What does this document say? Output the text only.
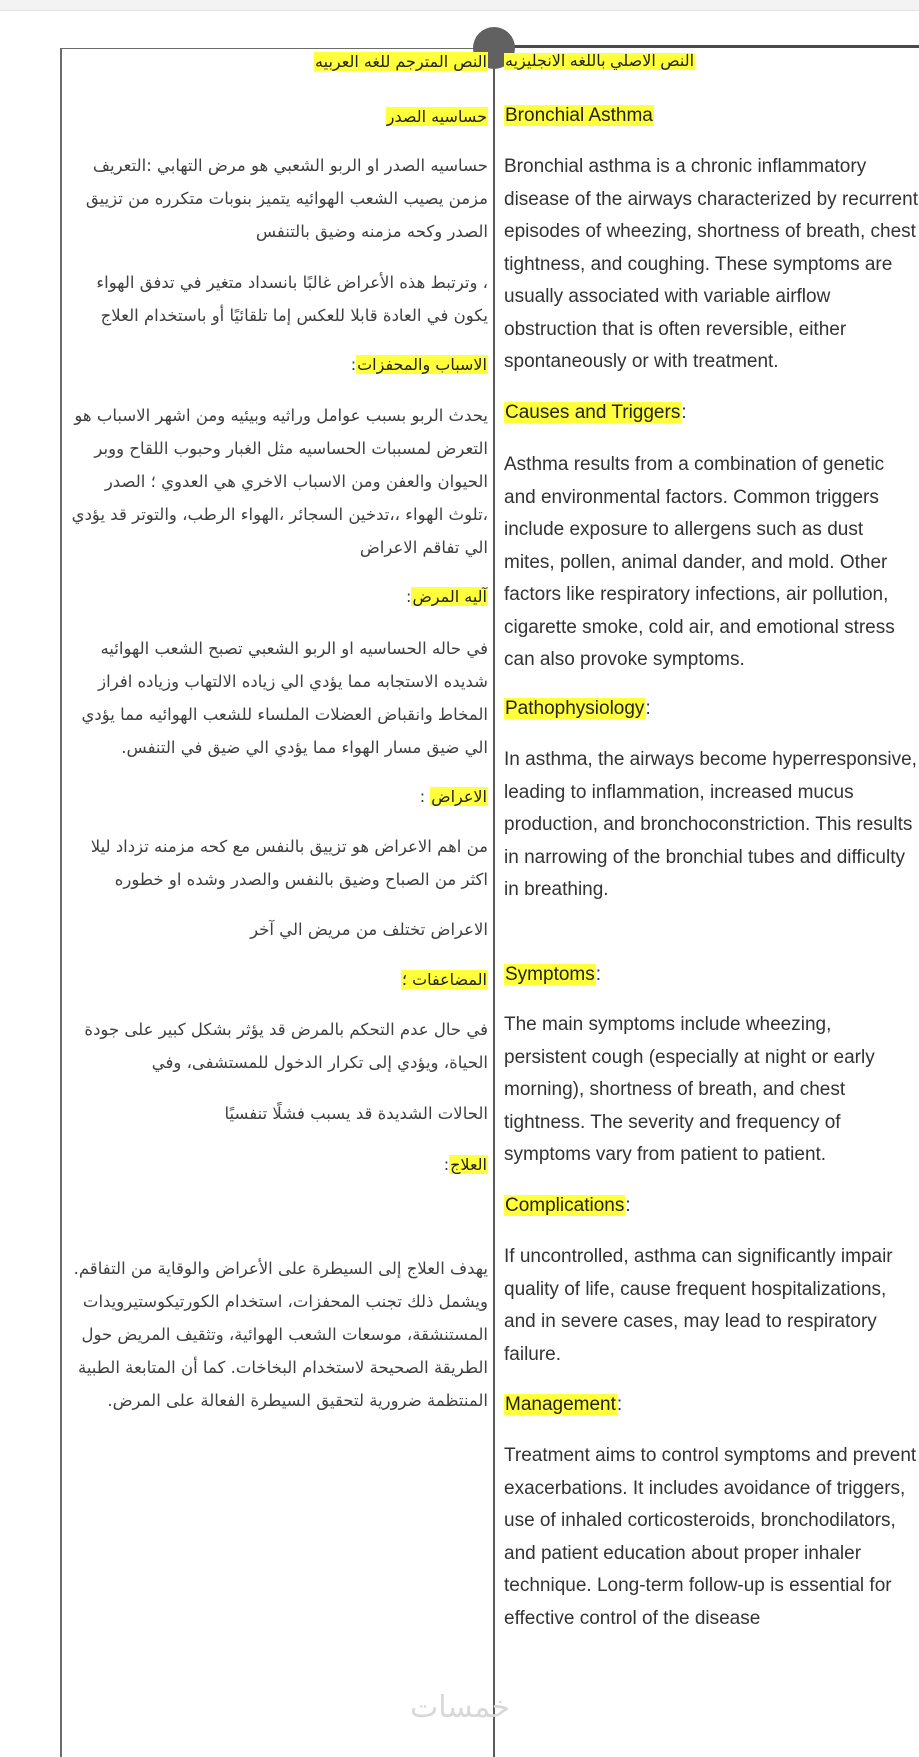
النص المترجم للغه العربيه
حساسيه الصدر
حساسيه الصدر او الربو الشعبي هو مرض التهابي :التعريف مزمن يصيب الشعب الهوائيه يتميز بنوبات متكرره من تزييق الصدر وكحه مزمنه وضيق بالتنفس
، وترتبط هذه الأعراض غالبًا بانسداد متغير في تدفق الهواء يكون في العادة قابلا للعكس إما تلقائيًا أو باستخدام العلاج
الاسباب والمحفزات:
يحدث الربو بسبب عوامل وراثيه وبيئيه ومن اشهر الاسباب هو التعرض لمسببات الحساسيه مثل الغبار وحبوب اللقاح ووبر الحيوان والعفن ومن الاسباب الاخري هي العدوي ؛ الصدر ،تلوث الهواء ،،تدخين السجائر ،الهواء الرطب، والتوتر قد يؤدي الي تفاقم الاعراض
آليه المرض:
في حاله الحساسيه او الربو الشعبي تصبح الشعب الهوائيه شديده الاستجابه مما يؤدي الي زياده الالتهاب وزياده افراز المخاط وانقباض العضلات الملساء للشعب الهوائيه مما يؤدي الي ضيق مسار الهواء مما يؤدي الي ضيق في التنفس.
الاعراض :
من اهم الاعراض هو تزييق بالنفس مع كحه مزمنه تزداد ليلا اكثر من الصباح وضيق بالنفس والصدر وشده او خطوره
الاعراض تختلف من مريض الي آخر
المضاعفات ؛
في حال عدم التحكم بالمرض قد يؤثر بشكل كبير على جودة الحياة، ويؤدي إلى تكرار الدخول للمستشفى، وفي
الحالات الشديدة قد يسبب فشلًا تنفسيًا
العلاج:
يهدف العلاج إلى السيطرة على الأعراض والوقاية من التفاقم. ويشمل ذلك تجنب المحفزات، استخدام الكورتيكوستيرويدات المستنشقة، موسعات الشعب الهوائية، وتثقيف المريض حول الطريقة الصحيحة لاستخدام البخاخات. كما أن المتابعة الطبية المنتظمة ضرورية لتحقيق السيطرة الفعالة على المرض.
النص الاصلي باللغه الانجليزيه
Bronchial Asthma
Bronchial asthma is a chronic inflammatory disease of the airways characterized by recurrent episodes of wheezing, shortness of breath, chest tightness, and coughing. These symptoms are usually associated with variable airflow obstruction that is often reversible, either spontaneously or with treatment.
Causes and Triggers:
Asthma results from a combination of genetic and environmental factors. Common triggers include exposure to allergens such as dust mites, pollen, animal dander, and mold. Other factors like respiratory infections, air pollution, cigarette smoke, cold air, and emotional stress can also provoke symptoms.
Pathophysiology:
In asthma, the airways become hyperresponsive, leading to inflammation, increased mucus production, and bronchoconstriction. This results in narrowing of the bronchial tubes and difficulty in breathing.
Symptoms:
The main symptoms include wheezing, persistent cough (especially at night or early morning), shortness of breath, and chest tightness. The severity and frequency of symptoms vary from patient to patient.
Complications:
If uncontrolled, asthma can significantly impair quality of life, cause frequent hospitalizations, and in severe cases, may lead to respiratory failure.
Management:
Treatment aims to control symptoms and prevent exacerbations. It includes avoidance of triggers, use of inhaled corticosteroids, bronchodilators, and patient education about proper inhaler technique. Long-term follow-up is essential for effective control of the disease
خمسات
